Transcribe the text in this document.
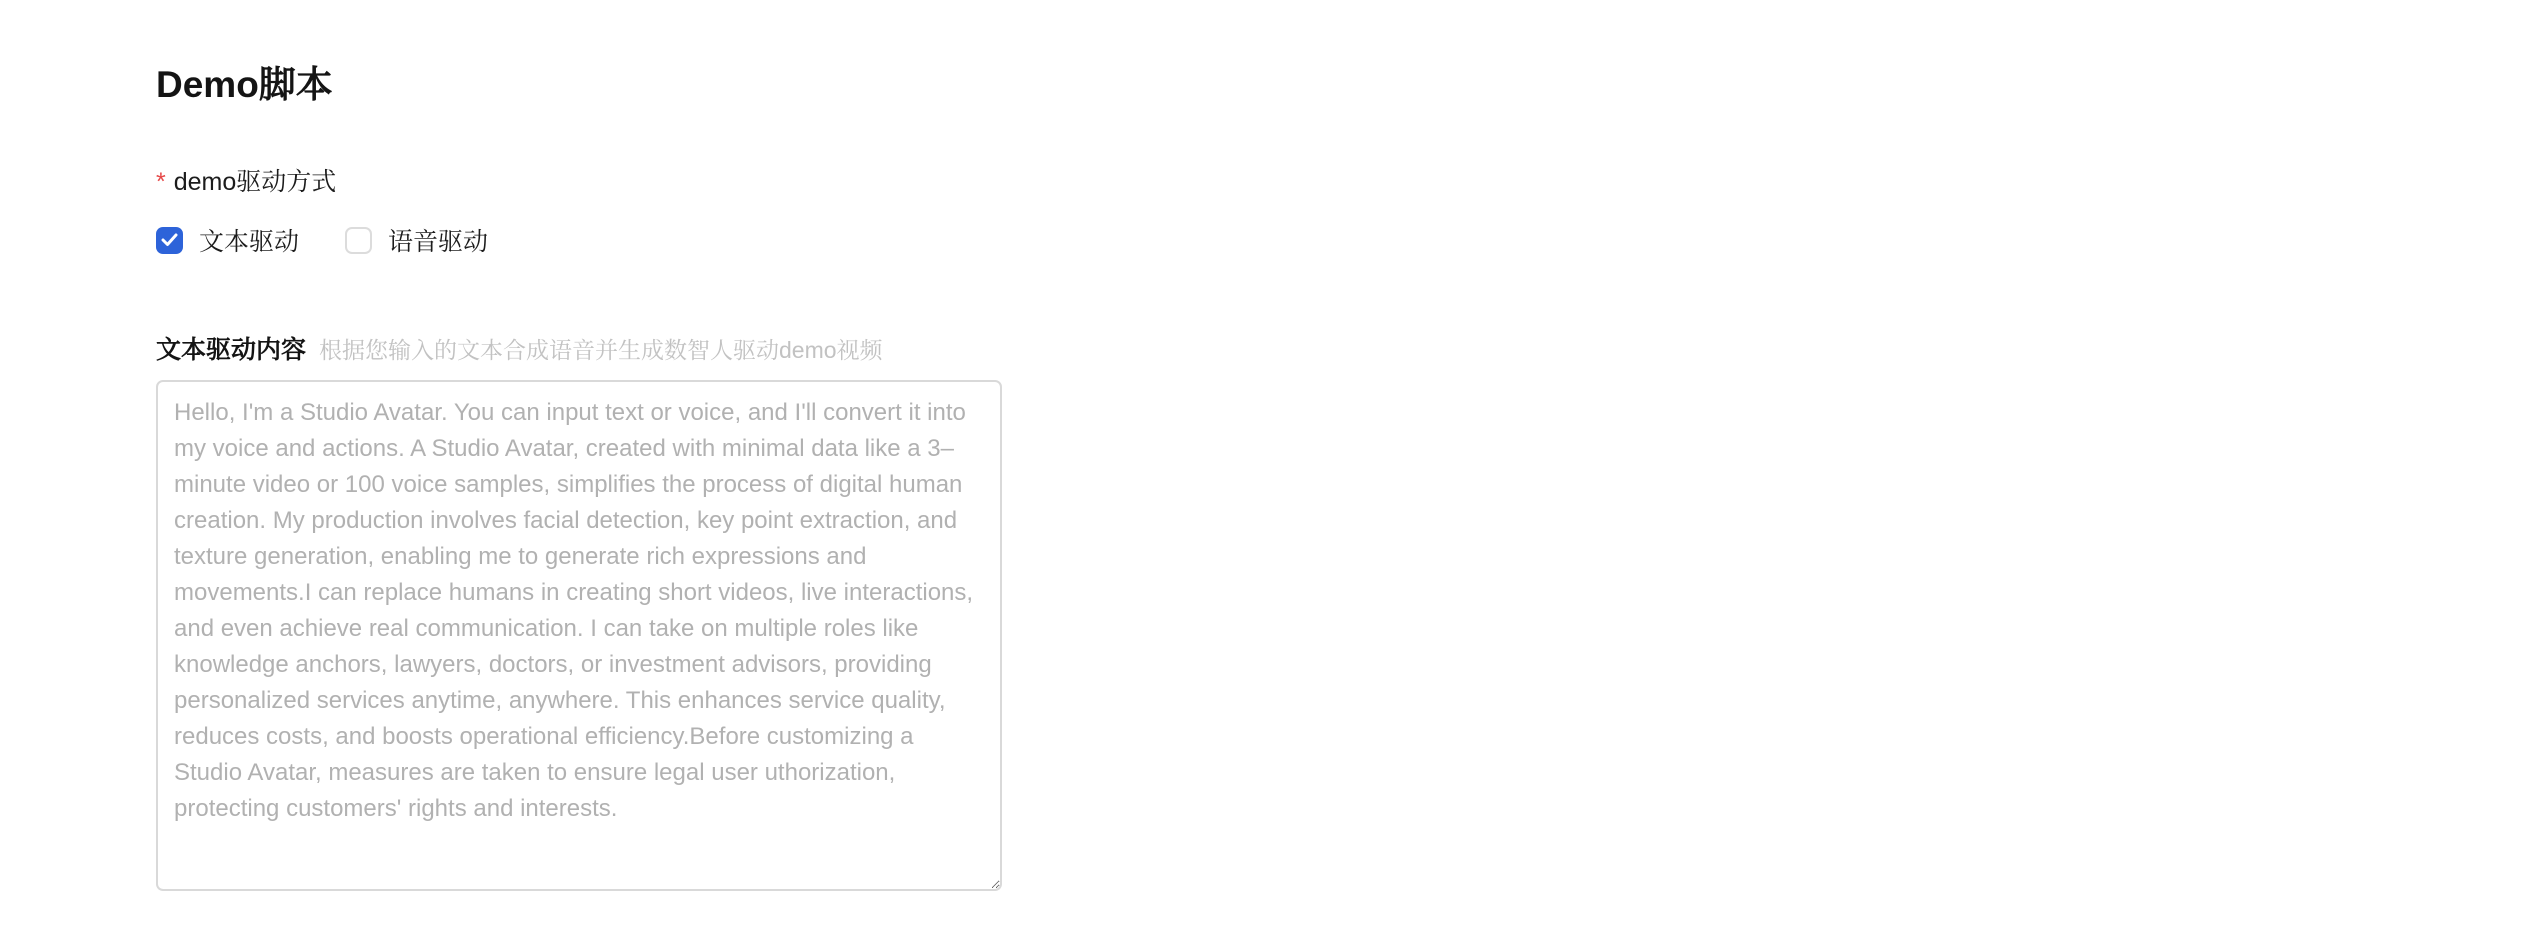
Demo脚本
* demo驱动方式
文本驱动	语音驱动
文本驱动内容 根据您输入的文本合成语音并生成数智人驱动demo视频
Hello, I'm a Studio Avatar. You can input text or voice, and I'll convert it into my voice and actions. A Studio Avatar, created with minimal data like a 3–minute video or 100 voice samples, simplifies the process of digital human creation. My production involves facial detection, key point extraction, and texture generation, enabling me to generate rich expressions and movements.I can replace humans in creating short videos, live interactions, and even achieve real communication. I can take on multiple roles like knowledge anchors, lawyers, doctors, or investment advisors, providing personalized services anytime, anywhere. This enhances service quality, reduces costs, and boosts operational efficiency.Before customizing a Studio Avatar, measures are taken to ensure legal user uthorization, protecting customers' rights and interests.
